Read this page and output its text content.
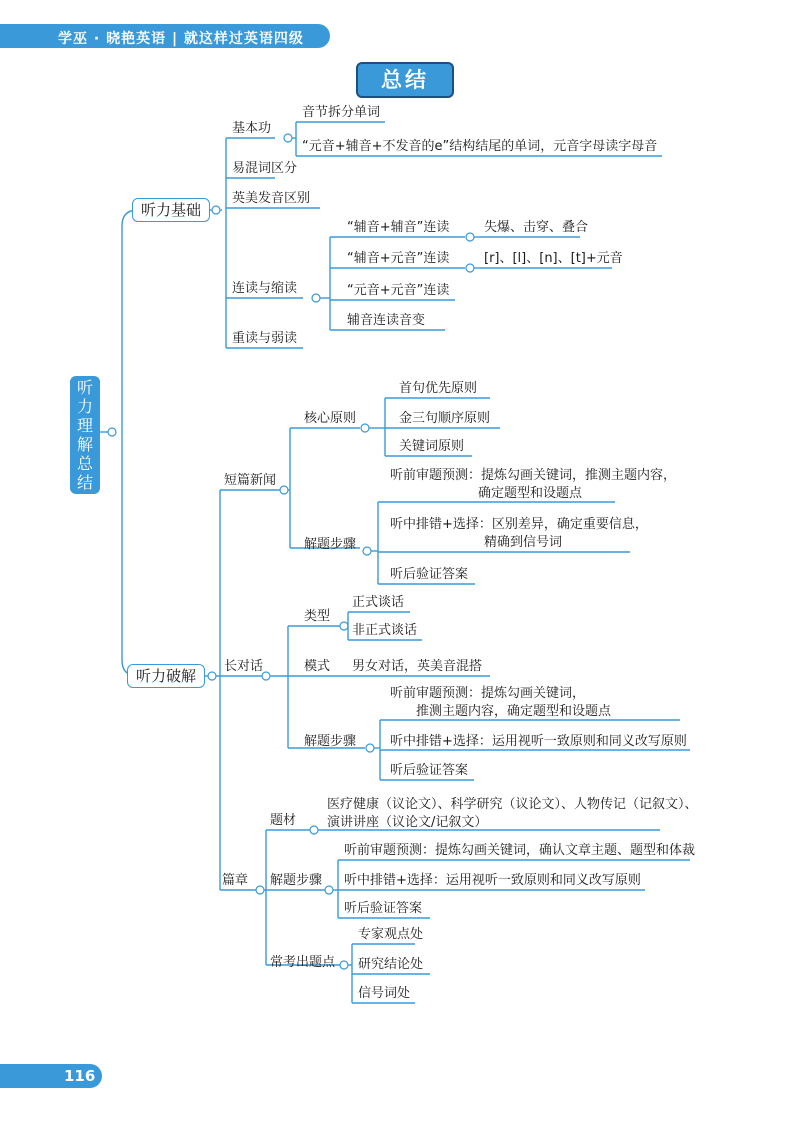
学巫 · 晓艳英语 | 就这样过英语四级
总结
听力理解总结
听力基础
听力破解
基本功
音节拆分单词
“元音+辅音+不发音的e”结构结尾的单词，元音字母读字母音
易混词区分
英美发音区别
“辅音+辅音”连读	失爆、击穿、叠合
“辅音+元音”连读	[r]、[l]、[n]、[t]+元音
连读与缩读	“元音+元音”连读
辅音连读音变
重读与弱读
短篇新闻
核心原则
首句优先原则
金三句顺序原则
关键词原则
解题步骤
听前审题预测：提炼勾画关键词，推测主题内容，
确定题型和设题点
听中排错+选择：区别差异，确定重要信息，
精确到信号词
听后验证答案
长对话
类型
正式谈话
非正式谈话
模式 男女对话，英美音混搭
解题步骤
听前审题预测：提炼勾画关键词，
推测主题内容，确定题型和设题点
听中排错+选择：运用视听一致原则和同义改写原则
听后验证答案
篇章
题材
医疗健康（议论文）、科学研究（议论文）、人物传记（记叙文）、
演讲讲座（议论文/记叙文）
解题步骤
听前审题预测：提炼勾画关键词，确认文章主题、题型和体裁
听中排错+选择：运用视听一致原则和同义改写原则
听后验证答案
常考出题点
专家观点处
研究结论处
信号词处
116
